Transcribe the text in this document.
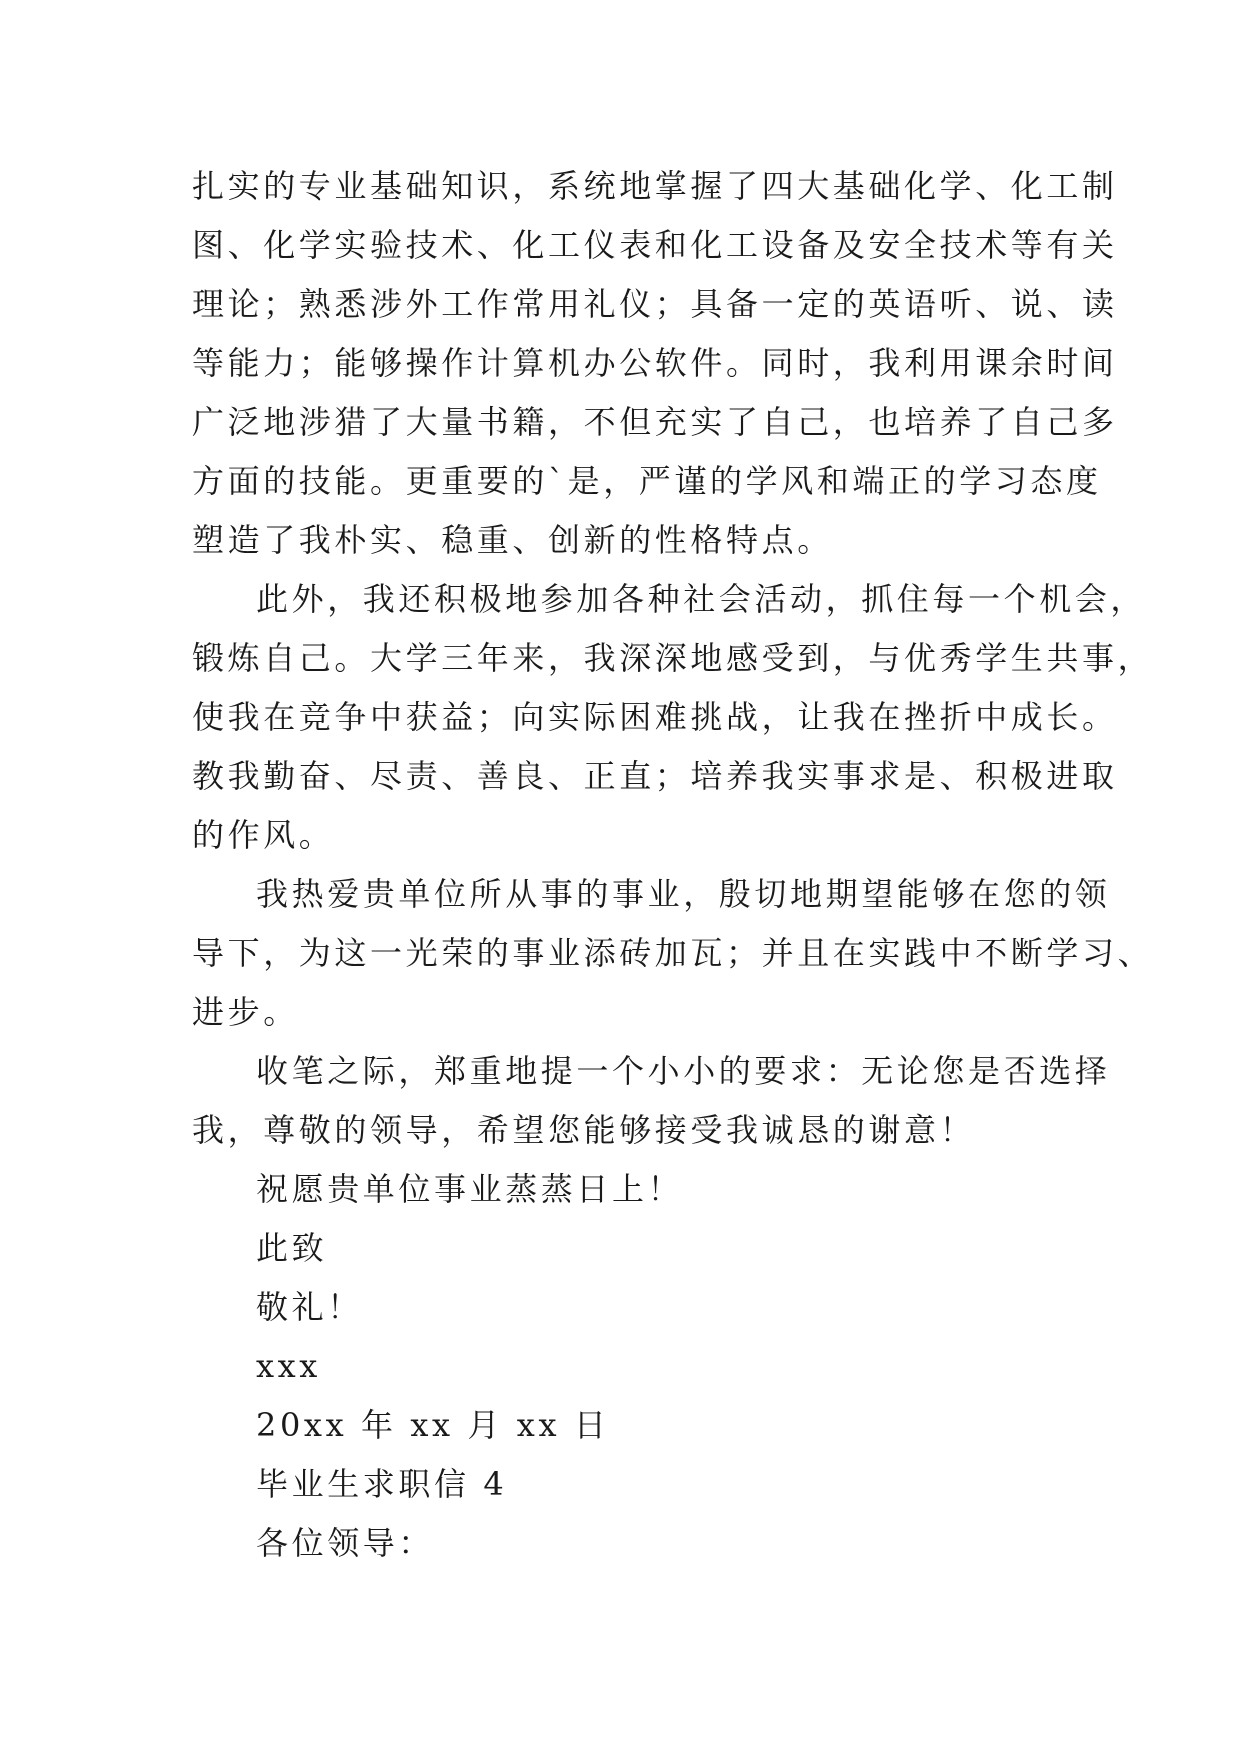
扎实的专业基础知识，系统地掌握了四大基础化学、化工制
图、化学实验技术、化工仪表和化工设备及安全技术等有关
理论；熟悉涉外工作常用礼仪；具备一定的英语听、说、读
等能力；能够操作计算机办公软件。同时，我利用课余时间
广泛地涉猎了大量书籍，不但充实了自己，也培养了自己多
方面的技能。更重要的`是，严谨的学风和端正的学习态度
塑造了我朴实、稳重、创新的性格特点。
此外，我还积极地参加各种社会活动，抓住每一个机会，
锻炼自己。大学三年来，我深深地感受到，与优秀学生共事，
使我在竞争中获益；向实际困难挑战，让我在挫折中成长。
教我勤奋、尽责、善良、正直；培养我实事求是、积极进取
的作风。
我热爱贵单位所从事的事业，殷切地期望能够在您的领
导下，为这一光荣的事业添砖加瓦；并且在实践中不断学习、
进步。
收笔之际，郑重地提一个小小的要求：无论您是否选择
我，尊敬的领导，希望您能够接受我诚恳的谢意！
祝愿贵单位事业蒸蒸日上！
此致
敬礼！
xxx
20xx 年 xx 月 xx 日
毕业生求职信 4
各位领导：
